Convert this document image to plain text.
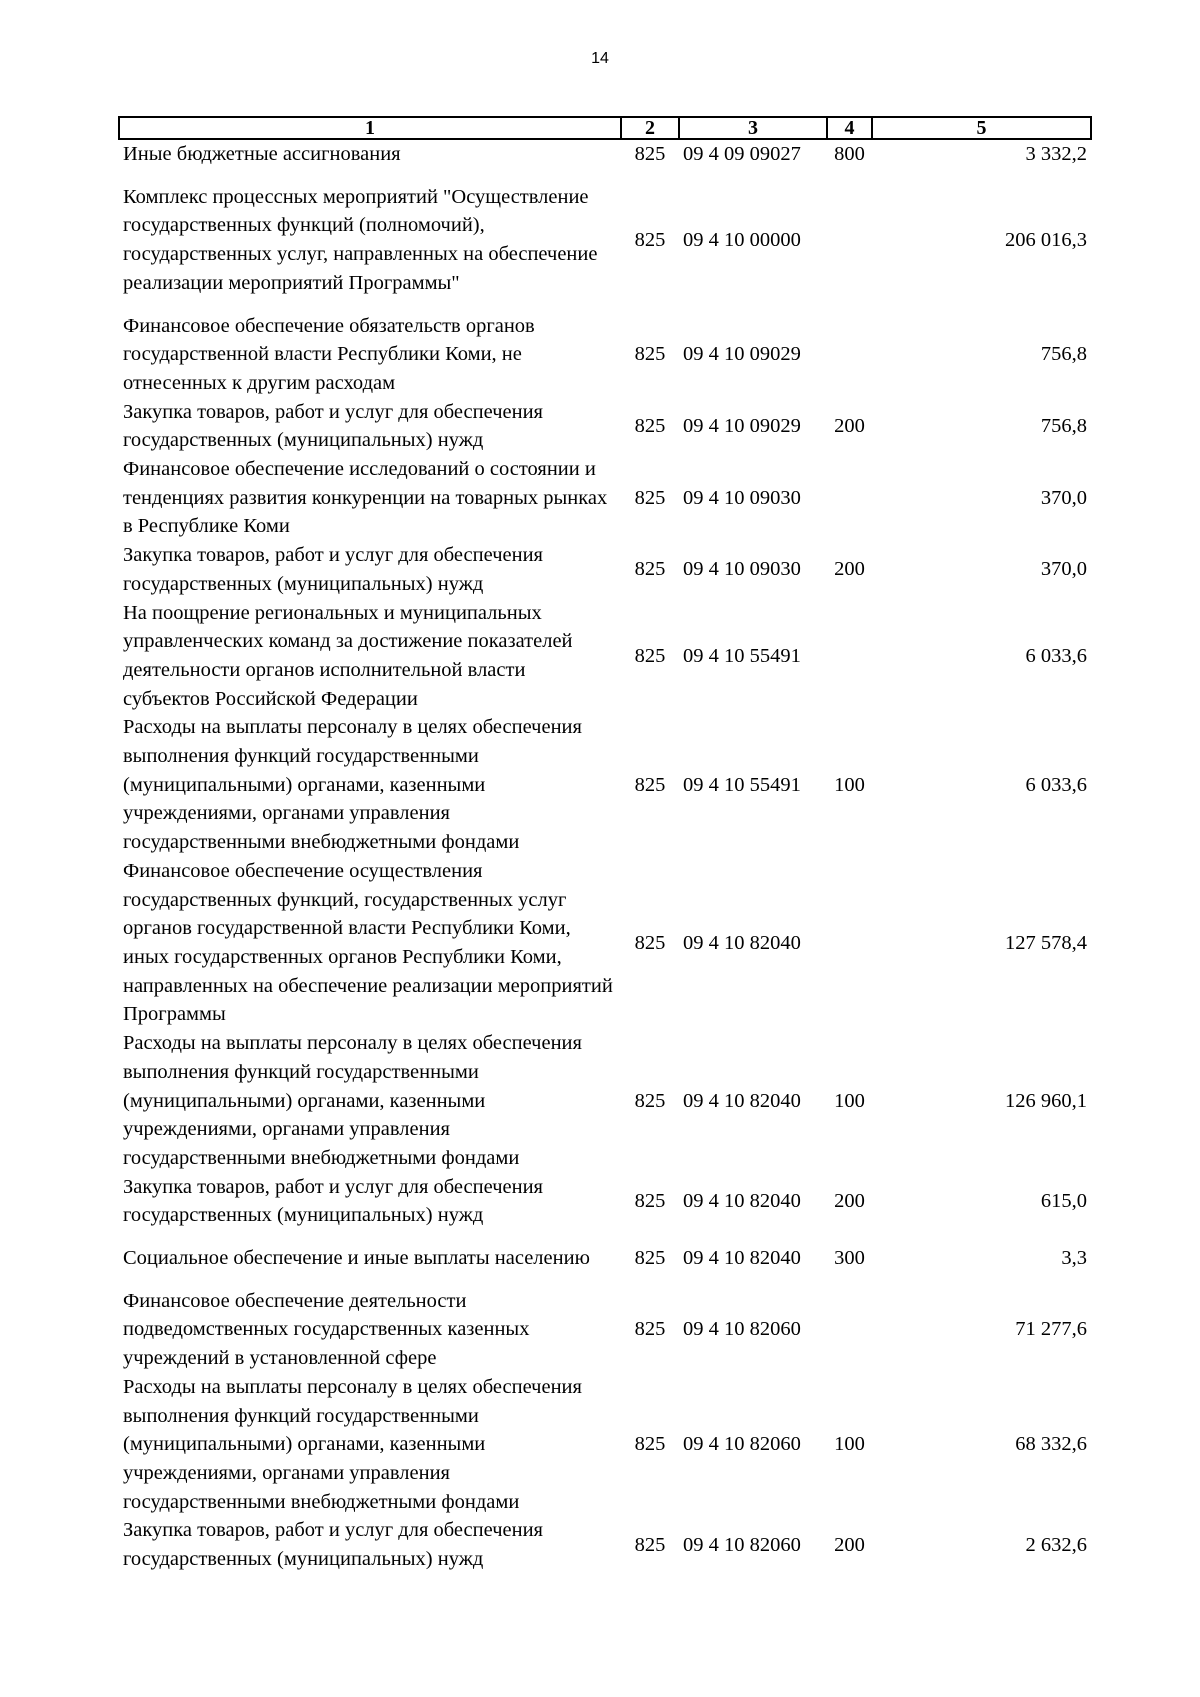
14
1	2	3	4	5
Иные бюджетные ассигнования	825	09 4 09 09027	800	3 332,2
Комплекс процессных мероприятий "Осуществление государственных функций (полномочий), государственных услуг, направленных на обеспечение реализации мероприятий Программы"	825	09 4 10 00000		206 016,3
Финансовое обеспечение обязательств органов государственной власти Республики Коми, не отнесенных к другим расходам	825	09 4 10 09029		756,8
Закупка товаров, работ и услуг для обеспечения государственных (муниципальных) нужд	825	09 4 10 09029	200	756,8
Финансовое обеспечение исследований о состоянии и тенденциях развития конкуренции на товарных рынках в Республике Коми	825	09 4 10 09030		370,0
Закупка товаров, работ и услуг для обеспечения государственных (муниципальных) нужд	825	09 4 10 09030	200	370,0
На поощрение региональных и муниципальных управленческих команд за достижение показателей деятельности органов исполнительной власти субъектов Российской Федерации	825	09 4 10 55491		6 033,6
Расходы на выплаты персоналу в целях обеспечения выполнения функций государственными (муниципальными) органами, казенными учреждениями, органами управления государственными внебюджетными фондами	825	09 4 10 55491	100	6 033,6
Финансовое обеспечение осуществления государственных функций, государственных услуг органов государственной власти Республики Коми, иных государственных органов Республики Коми, направленных на обеспечение реализации мероприятий Программы	825	09 4 10 82040		127 578,4
Расходы на выплаты персоналу в целях обеспечения выполнения функций государственными (муниципальными) органами, казенными учреждениями, органами управления государственными внебюджетными фондами	825	09 4 10 82040	100	126 960,1
Закупка товаров, работ и услуг для обеспечения государственных (муниципальных) нужд	825	09 4 10 82040	200	615,0
Социальное обеспечение и иные выплаты населению	825	09 4 10 82040	300	3,3
Финансовое обеспечение деятельности подведомственных государственных казенных учреждений в установленной сфере	825	09 4 10 82060		71 277,6
Расходы на выплаты персоналу в целях обеспечения выполнения функций государственными (муниципальными) органами, казенными учреждениями, органами управления государственными внебюджетными фондами	825	09 4 10 82060	100	68 332,6
Закупка товаров, работ и услуг для обеспечения государственных (муниципальных) нужд	825	09 4 10 82060	200	2 632,6
